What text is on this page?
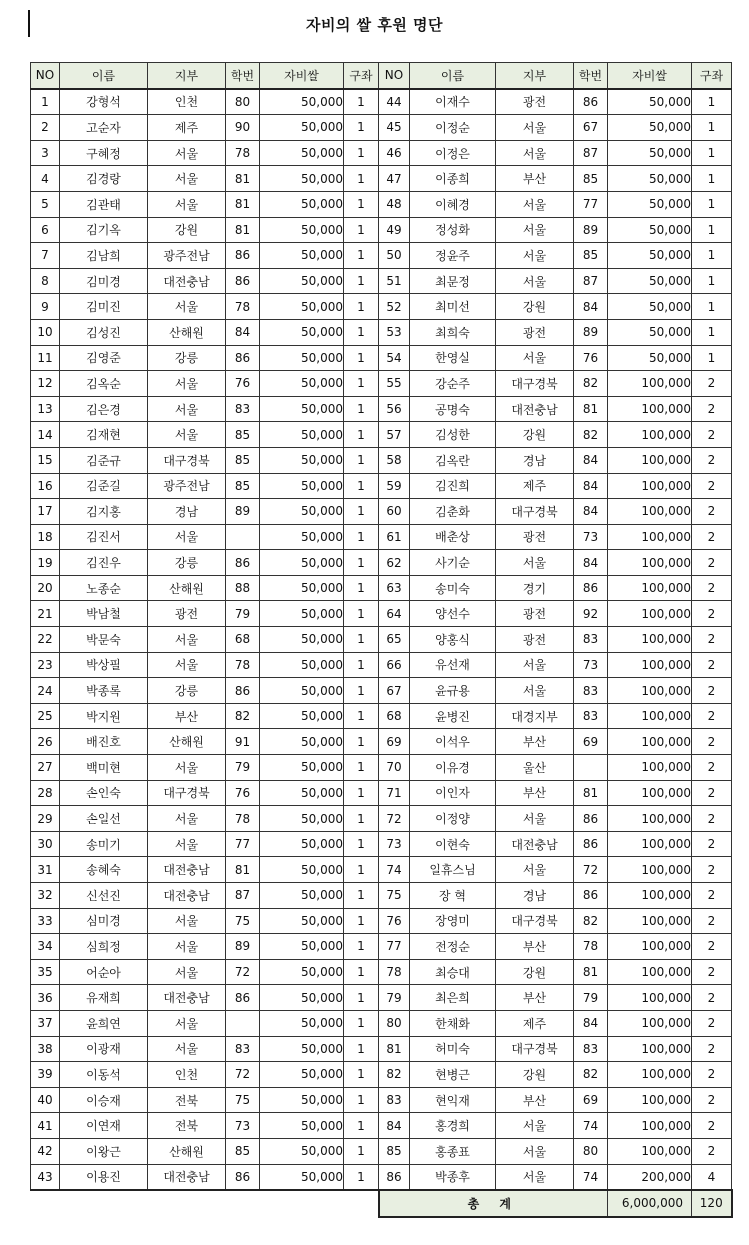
자비의 쌀 후원 명단
NO	이름	지부	학번	자비쌀	구좌	NO	이름	지부	학번	자비쌀	구좌
1	강형석	인천	80	50,000	1	44	이재수	광전	86	50,000	1
2	고순자	제주	90	50,000	1	45	이정순	서울	67	50,000	1
3	구혜정	서울	78	50,000	1	46	이정은	서울	87	50,000	1
4	김경랑	서울	81	50,000	1	47	이종희	부산	85	50,000	1
5	김관태	서울	81	50,000	1	48	이혜경	서울	77	50,000	1
6	김기옥	강원	81	50,000	1	49	정성화	서울	89	50,000	1
7	김남희	광주전남	86	50,000	1	50	정윤주	서울	85	50,000	1
8	김미경	대전충남	86	50,000	1	51	최문정	서울	87	50,000	1
9	김미진	서울	78	50,000	1	52	최미선	강원	84	50,000	1
10	김성진	산해원	84	50,000	1	53	최희숙	광전	89	50,000	1
11	김영준	강릉	86	50,000	1	54	한영실	서울	76	50,000	1
12	김옥순	서울	76	50,000	1	55	강순주	대구경북	82	100,000	2
13	김은경	서울	83	50,000	1	56	공명숙	대전충남	81	100,000	2
14	김재현	서울	85	50,000	1	57	김성한	강원	82	100,000	2
15	김준규	대구경북	85	50,000	1	58	김옥란	경남	84	100,000	2
16	김준길	광주전남	85	50,000	1	59	김진희	제주	84	100,000	2
17	김지홍	경남	89	50,000	1	60	김춘화	대구경북	84	100,000	2
18	김진서	서울		50,000	1	61	배춘상	광전	73	100,000	2
19	김진우	강릉	86	50,000	1	62	사기순	서울	84	100,000	2
20	노종순	산해원	88	50,000	1	63	송미숙	경기	86	100,000	2
21	박남철	광전	79	50,000	1	64	양선수	광전	92	100,000	2
22	박문숙	서울	68	50,000	1	65	양홍식	광전	83	100,000	2
23	박상필	서울	78	50,000	1	66	유선재	서울	73	100,000	2
24	박종록	강릉	86	50,000	1	67	윤규용	서울	83	100,000	2
25	박지원	부산	82	50,000	1	68	윤병진	대경지부	83	100,000	2
26	배진호	산해원	91	50,000	1	69	이석우	부산	69	100,000	2
27	백미현	서울	79	50,000	1	70	이유경	울산		100,000	2
28	손인숙	대구경북	76	50,000	1	71	이인자	부산	81	100,000	2
29	손일선	서울	78	50,000	1	72	이정양	서울	86	100,000	2
30	송미기	서울	77	50,000	1	73	이현숙	대전충남	86	100,000	2
31	송혜숙	대전충남	81	50,000	1	74	일휴스님	서울	72	100,000	2
32	신선진	대전충남	87	50,000	1	75	장 혁	경남	86	100,000	2
33	심미경	서울	75	50,000	1	76	장영미	대구경북	82	100,000	2
34	심희정	서울	89	50,000	1	77	전정순	부산	78	100,000	2
35	어순아	서울	72	50,000	1	78	최승대	강원	81	100,000	2
36	유재희	대전충남	86	50,000	1	79	최은희	부산	79	100,000	2
37	윤희연	서울		50,000	1	80	한채화	제주	84	100,000	2
38	이광재	서울	83	50,000	1	81	허미숙	대구경북	83	100,000	2
39	이동석	인천	72	50,000	1	82	현병근	강원	82	100,000	2
40	이승재	전북	75	50,000	1	83	현익재	부산	69	100,000	2
41	이연재	전북	73	50,000	1	84	홍경희	서울	74	100,000	2
42	이왕근	산해원	85	50,000	1	85	홍종표	서울	80	100,000	2
43	이용진	대전충남	86	50,000	1	86	박종후	서울	74	200,000	4
						총 계				6,000,000	120
